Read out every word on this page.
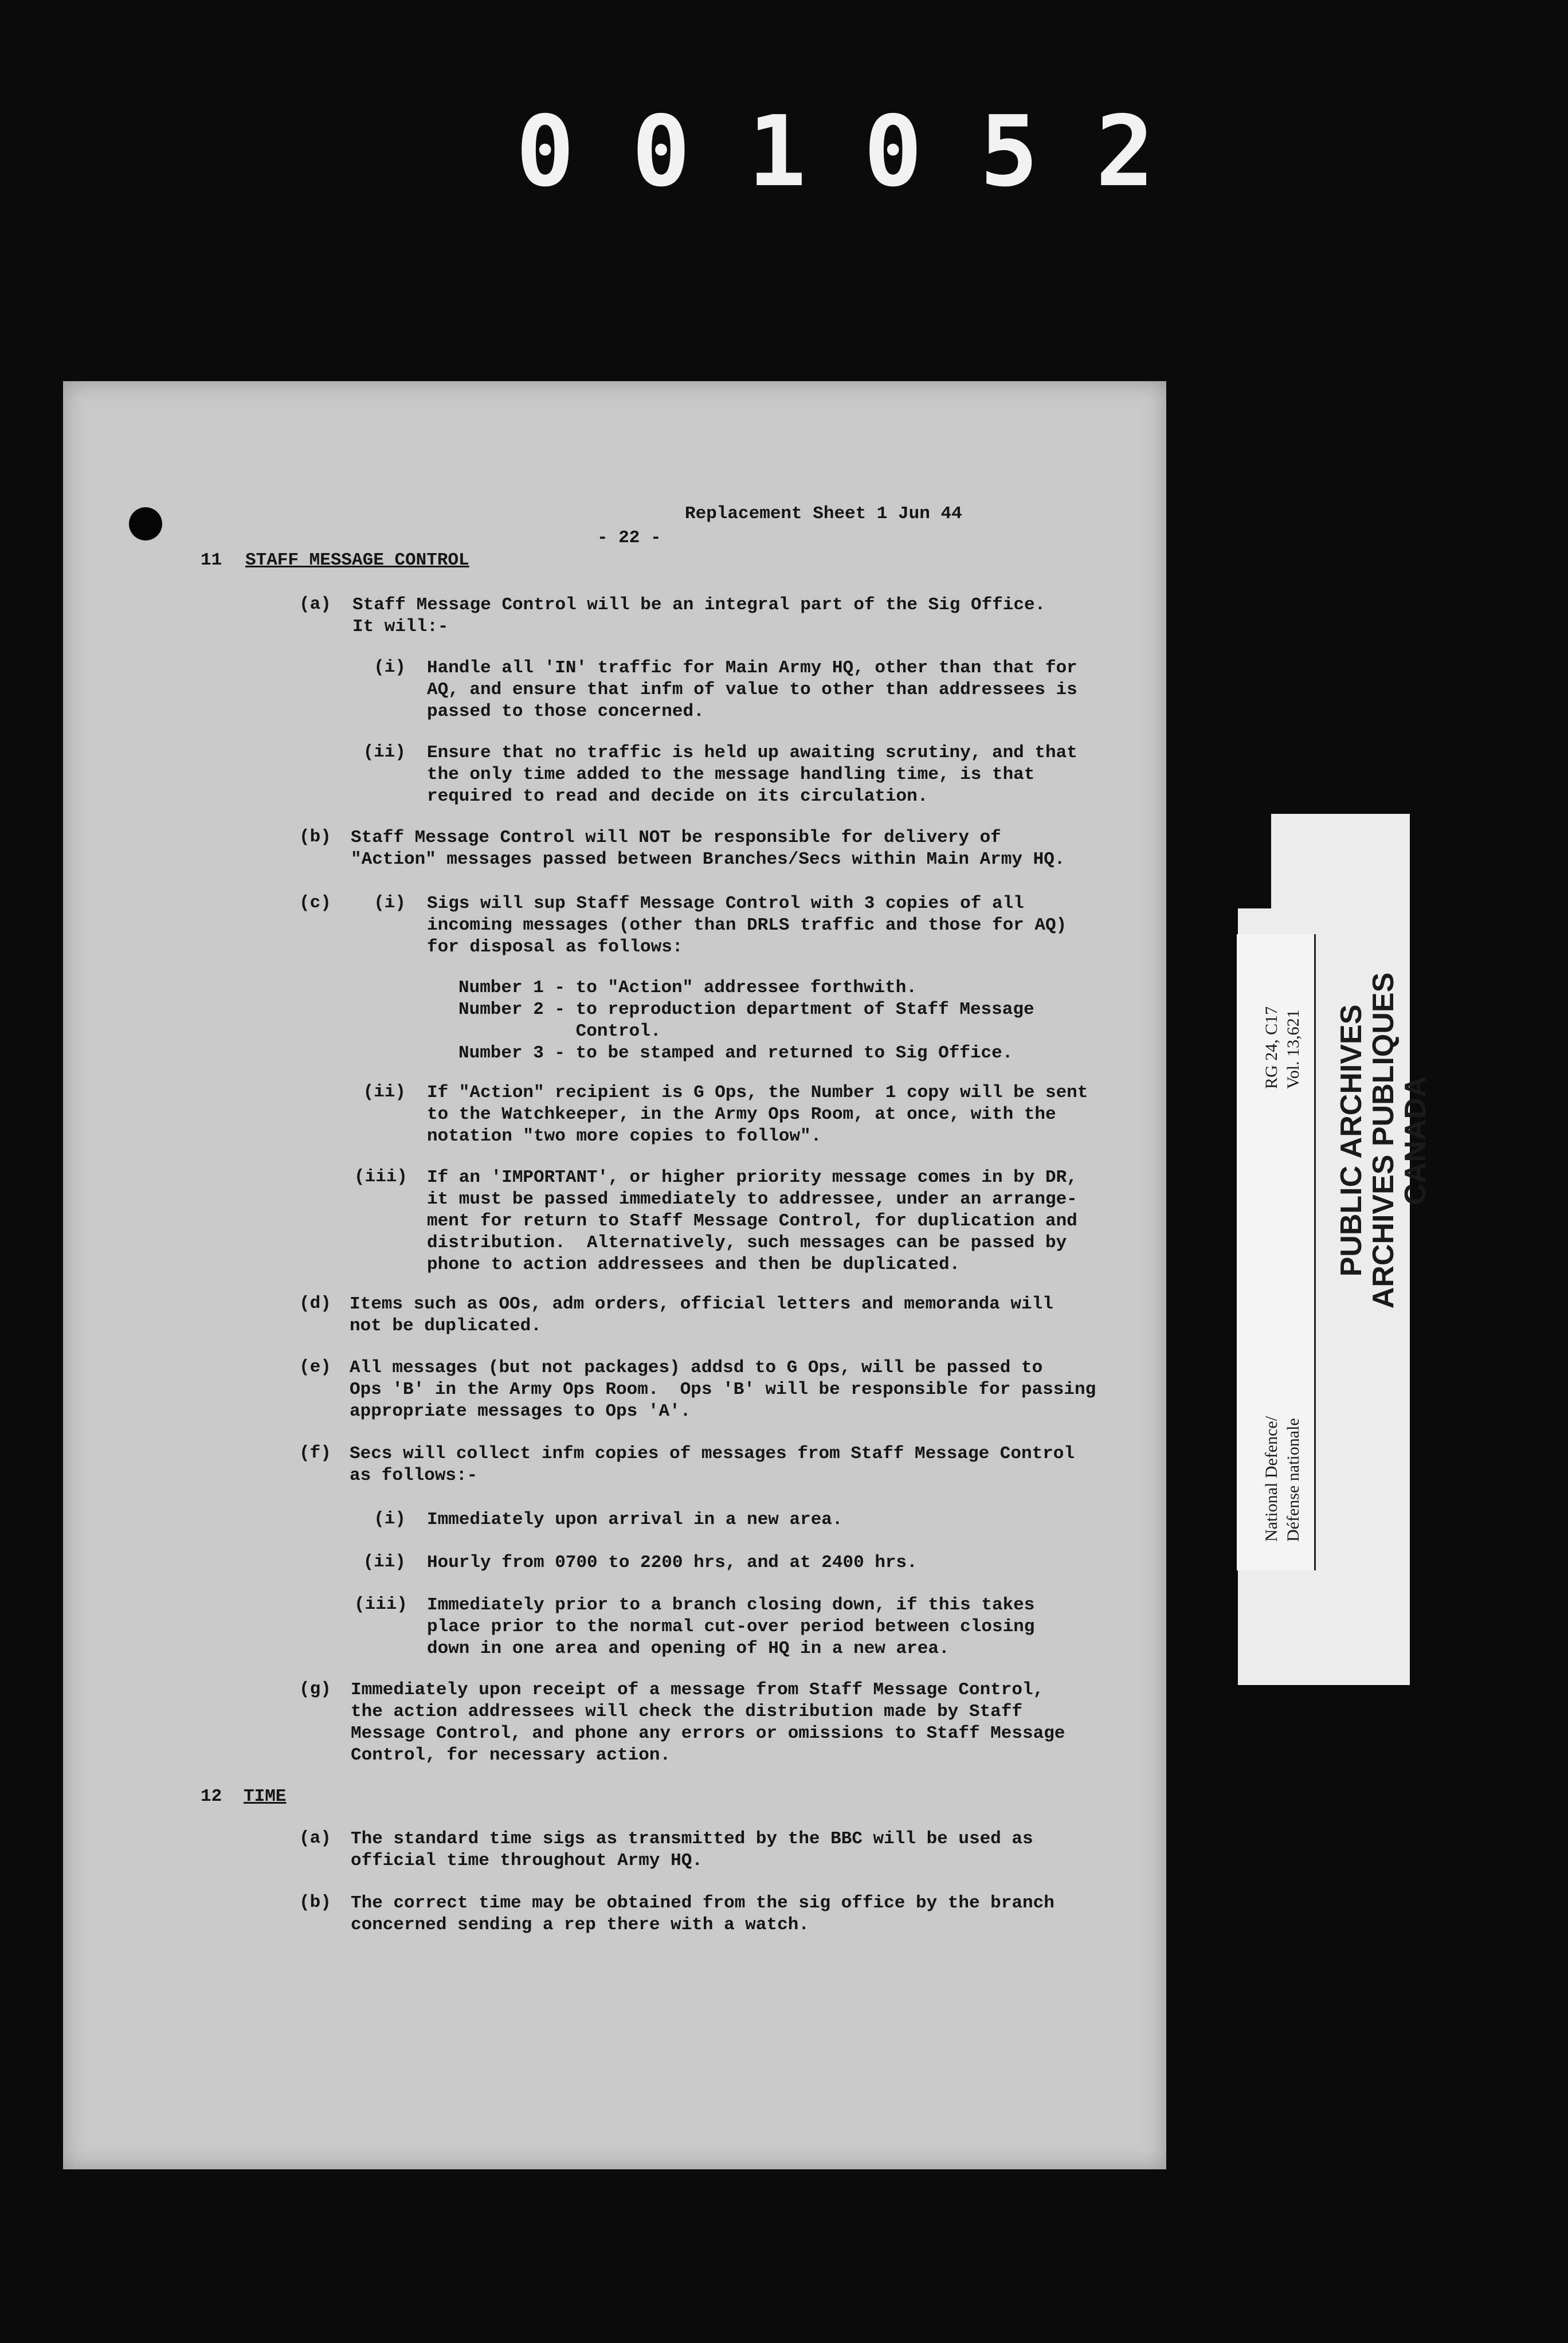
001052
Replacement Sheet 1 Jun 44
- 22 -
11 STAFF MESSAGE CONTROL
(a) Staff Message Control will be an integral part of the Sig Office.
It will:-
(i) Handle all 'IN' traffic for Main Army HQ, other than that for
AQ, and ensure that infm of value to other than addressees is
passed to those concerned.
(ii) Ensure that no traffic is held up awaiting scrutiny, and that
the only time added to the message handling time, is that
required to read and decide on its circulation.
(b) Staff Message Control will NOT be responsible for delivery of
"Action" messages passed between Branches/Secs within Main Army HQ.
(c)	(i) Sigs will sup Staff Message Control with 3 copies of all
incoming messages (other than DRLS traffic and those for AQ)
for disposal as follows:
Number 1 - to "Action" addressee forthwith.
Number 2 - to reproduction department of Staff Message
Control.
Number 3 - to be stamped and returned to Sig Office.
(ii) If "Action" recipient is G Ops, the Number 1 copy will be sent
to the Watchkeeper, in the Army Ops Room, at once, with the
notation "two more copies to follow".
(iii) If an 'IMPORTANT', or higher priority message comes in by DR,
it must be passed immediately to addressee, under an arrange-
ment for return to Staff Message Control, for duplication and
distribution.  Alternatively, such messages can be passed by
phone to action addressees and then be duplicated.
(d) Items such as OOs, adm orders, official letters and memoranda will
not be duplicated.
(e) All messages (but not packages) addsd to G Ops, will be passed to
Ops 'B' in the Army Ops Room.  Ops 'B' will be responsible for passing
appropriate messages to Ops 'A'.
(f) Secs will collect infm copies of messages from Staff Message Control
as follows:-
(i) Immediately upon arrival in a new area.
(ii) Hourly from 0700 to 2200 hrs, and at 2400 hrs.
(iii) Immediately prior to a branch closing down, if this takes
place prior to the normal cut-over period between closing
down in one area and opening of HQ in a new area.
(g) Immediately upon receipt of a message from Staff Message Control,
the action addressees will check the distribution made by Staff
Message Control, and phone any errors or omissions to Staff Message
Control, for necessary action.
12 TIME
(a) The standard time sigs as transmitted by the BBC will be used as
official time throughout Army HQ.
(b) The correct time may be obtained from the sig office by the branch
concerned sending a rep there with a watch.
PUBLIC ARCHIVES
ARCHIVES PUBLIQUES
CANADA
RG 24, C17 Vol. 13,621
National Defence/ Défense nationale
